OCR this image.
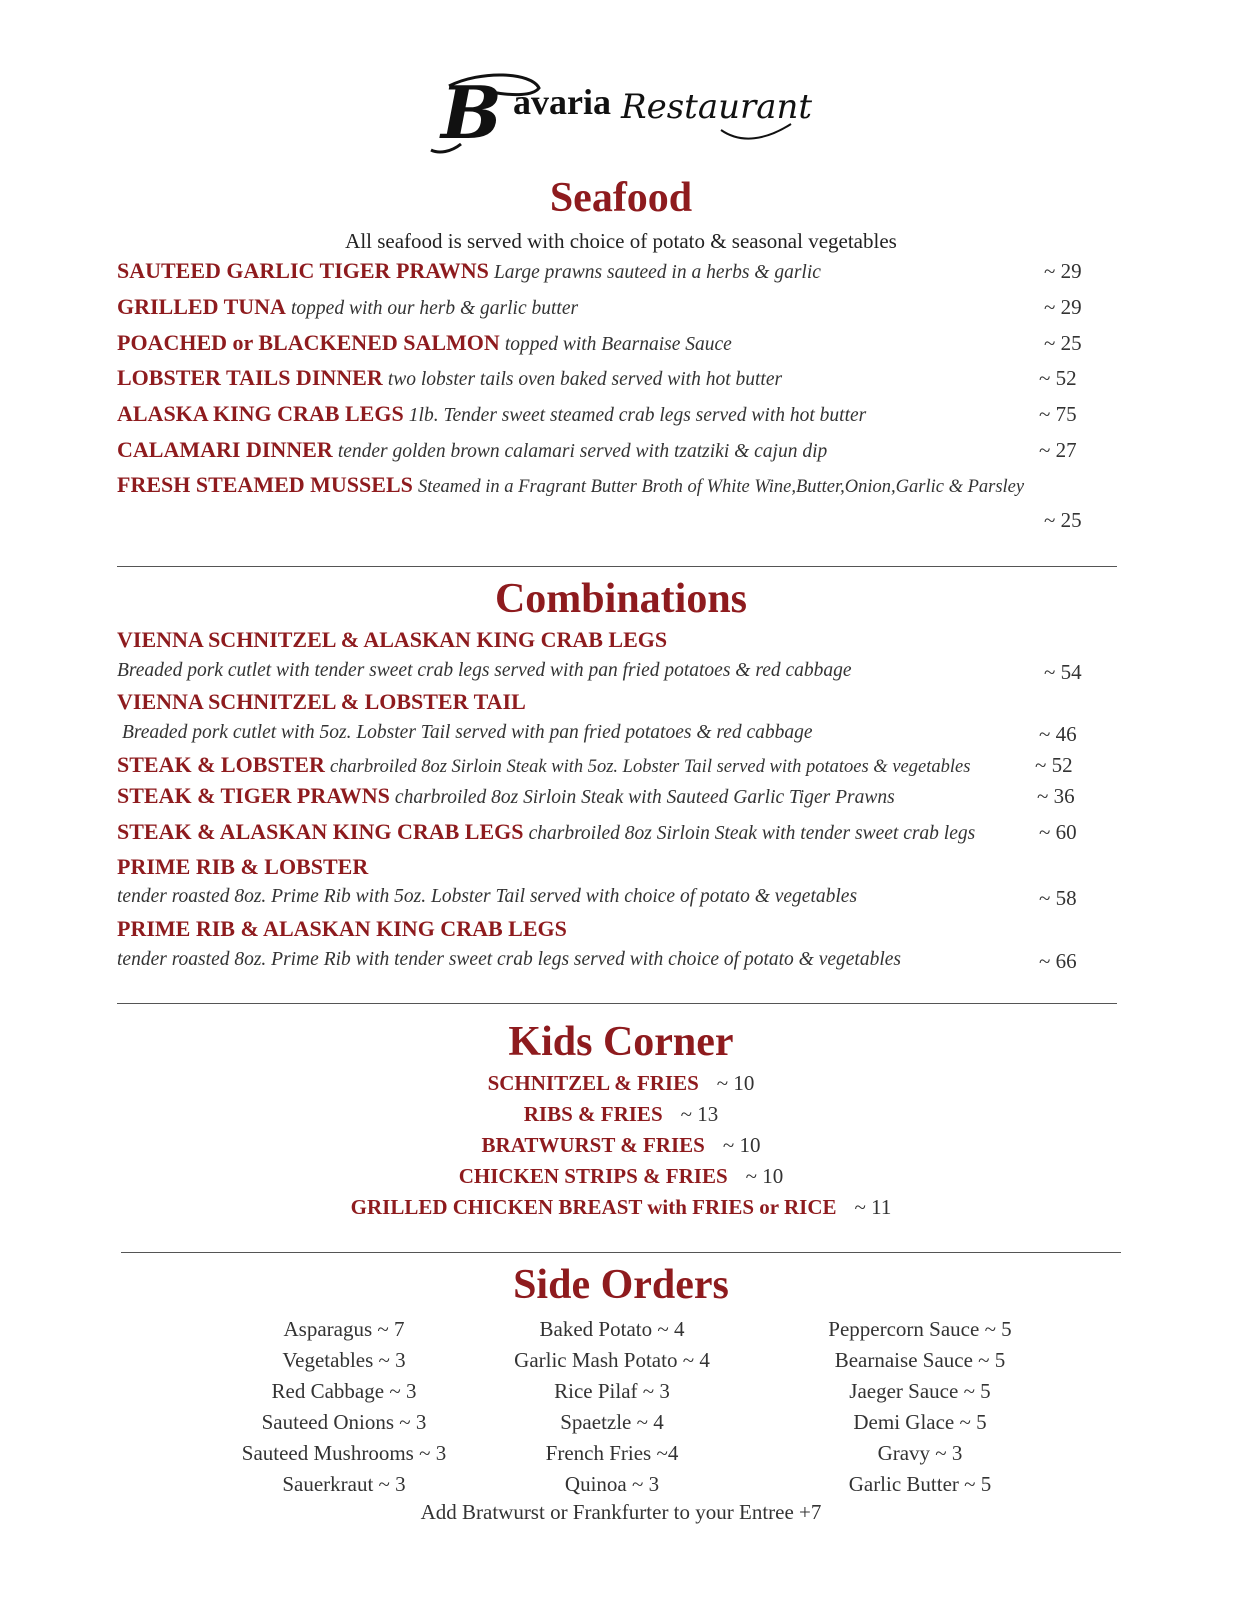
B avaria Restaurant
Seafood
All seafood is served with choice of potato & seasonal vegetables
SAUTEED GARLIC TIGER PRAWNS Large prawns sauteed in a herbs & garlic	~ 29
GRILLED TUNA topped with our herb & garlic butter	~ 29
POACHED or BLACKENED SALMON topped with Bearnaise Sauce	~ 25
LOBSTER TAILS DINNER two lobster tails oven baked served with hot butter	~ 52
ALASKA KING CRAB LEGS 1lb. Tender sweet steamed crab legs served with hot butter	~ 75
CALAMARI DINNER tender golden brown calamari served with tzatziki & cajun dip	~ 27
FRESH STEAMED MUSSELS Steamed in a Fragrant Butter Broth of White Wine,Butter,Onion,Garlic & Parsley
~ 25
Combinations
VIENNA SCHNITZEL & ALASKAN KING CRAB LEGS
Breaded pork cutlet with tender sweet crab legs served with pan fried potatoes & red cabbage	~ 54
VIENNA SCHNITZEL & LOBSTER TAIL
Breaded pork cutlet with 5oz. Lobster Tail served with pan fried potatoes & red cabbage	~ 46
STEAK & LOBSTER charbroiled 8oz Sirloin Steak with 5oz. Lobster Tail served with potatoes & vegetables	~ 52
STEAK & TIGER PRAWNS charbroiled 8oz Sirloin Steak with Sauteed Garlic Tiger Prawns	~ 36
STEAK & ALASKAN KING CRAB LEGS charbroiled 8oz Sirloin Steak with tender sweet crab legs	~ 60
PRIME RIB & LOBSTER
tender roasted 8oz. Prime Rib with 5oz. Lobster Tail served with choice of potato & vegetables	~ 58
PRIME RIB & ALASKAN KING CRAB LEGS
tender roasted 8oz. Prime Rib with tender sweet crab legs served with choice of potato & vegetables	~ 66
Kids Corner
SCHNITZEL & FRIES ~ 10
RIBS & FRIES ~ 13
BRATWURST & FRIES ~ 10
CHICKEN STRIPS & FRIES ~ 10
GRILLED CHICKEN BREAST with FRIES or RICE ~ 11
Side Orders
Asparagus ~ 7
Vegetables ~ 3
Red Cabbage ~ 3
Sauteed Onions ~ 3
Sauteed Mushrooms ~ 3
Sauerkraut ~ 3
Baked Potato ~ 4
Garlic Mash Potato ~ 4
Rice Pilaf ~ 3
Spaetzle ~ 4
French Fries ~4
Quinoa ~ 3
Peppercorn Sauce ~ 5
Bearnaise Sauce ~ 5
Jaeger Sauce ~ 5
Demi Glace ~ 5
Gravy ~ 3
Garlic Butter ~ 5
Add Bratwurst or Frankfurter to your Entree +7
